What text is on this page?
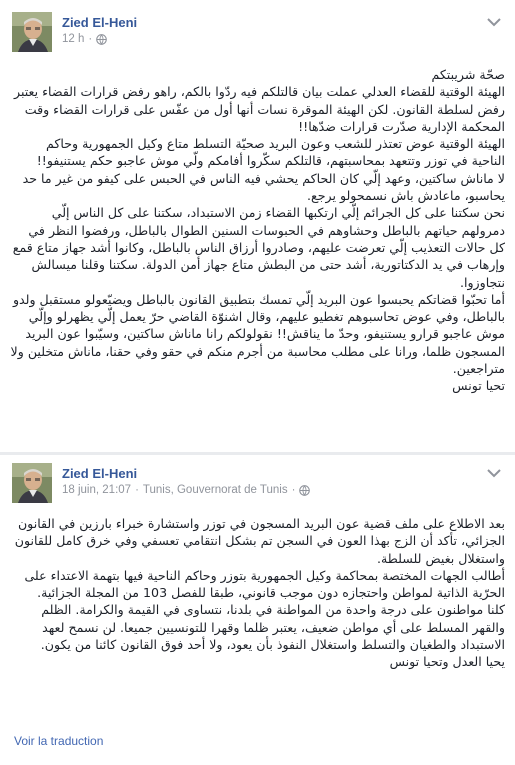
Zied El-Heni
12 h ·

صحّة شريبتكم

الهيئة الوقتية للقضاء العدلي عملت بيان قالتلكم فيه ردّوا بالكم، راهو رفض قرارات القضاء يعتبر رفض لسلطة القانون. لكن الهيئة الموقرة نسات أنها أول من عفّس على قرارات القضاء وقت المحكمة الإدارية صدّرت قرارات ضدّها!!

الهيئة الوقتية عوض تعتذر للشعب وعون البريد صحيّة التسلط متاع وكيل الجمهورية وحاكم الناحية في توزر وتتعهد بمحاسبتهم، قالتلكم سكّروا أفامكم ولّي موش عاجبو حكم يستنيفو!!

لا ماناش ساكتين، وعهد إلّي كان الحاكم يحشي فيه الناس في الحبس على كيفو من غير ما حد يحاسبو، ماعادش باش نسمحولو يرجع.

نحن سكتنا على كل الجرائم إلّي ارتكبها القضاء زمن الاستبداد، سكتنا على كل الناس إلّي دمرولهم حياتهم بالباطل وحشاوهم في الحبوسات السنين الطوال بالباطل، ورفضوا النظر في كل حالات التعذيب إلّي تعرضت عليهم، وصادروا أرزاق الناس بالباطل، وكانوا أشد جهاز متاع قمع وإرهاب في يد الدكتاتورية، أشد حتى من البطش متاع جهاز أمن الدولة. سكتنا وقلنا ميسالش نتجاوزوا.

أما تحبّوا قضاتكم يحبسوا عون البريد إلّي تمسك بتطبيق القانون بالباطل ويضيّعولو مستقبل ولدو بالباطل، وفي عوض تحاسبوهم تغطيو عليهم، وقال اشنوّة القاضي حرّ يعمل إلّي يظهرلو وإلّي موش عاجبو قرارو يستنيفو، وحدّ ما يناقش!! نقولولكم رانا ماناش ساكتين، وسيّبوا عون البريد المسجون ظلما، ورانا على مطلب محاسبة من أجرم منكم في حقو وفي حقنا، ماناش متخلين ولا متراجعين.

تحيا تونس

Zied El-Heni
18 juin, 21:07 · Tunis, Gouvernorat de Tunis ·

بعد الاطلاع على ملف قضية عون البريد المسجون في توزر واستشارة خبراء بارزين في القانون الجزائي، تأكد أن الزج بهذا العون في السجن تم بشكل انتقامي تعسفي وفي خرق كامل للقانون واستغلال بغيض للسلطة.

أطالب الجهات المختصة بمحاكمة وكيل الجمهورية بتوزر وحاكم الناحية فيها بتهمة الاعتداء على الحرّية الذاتية لمواطن واحتجازه دون موجب قانوني، طبقا للفصل 103 من المجلة الجزائية.

كلنا مواطنون على درجة واحدة من المواطنة في بلدنا، نتساوى في القيمة والكرامة. الظلم والقهر المسلط على أي مواطن ضعيف، يعتبر ظلما وقهرا للتونسيين جميعا. لن نسمح لعهد الاستبداد والطغيان والتسلط واستغلال النفوذ بأن يعود، ولا أحد فوق القانون كائنا من يكون.

يحيا العدل وتحيا تونس

Voir la traduction
